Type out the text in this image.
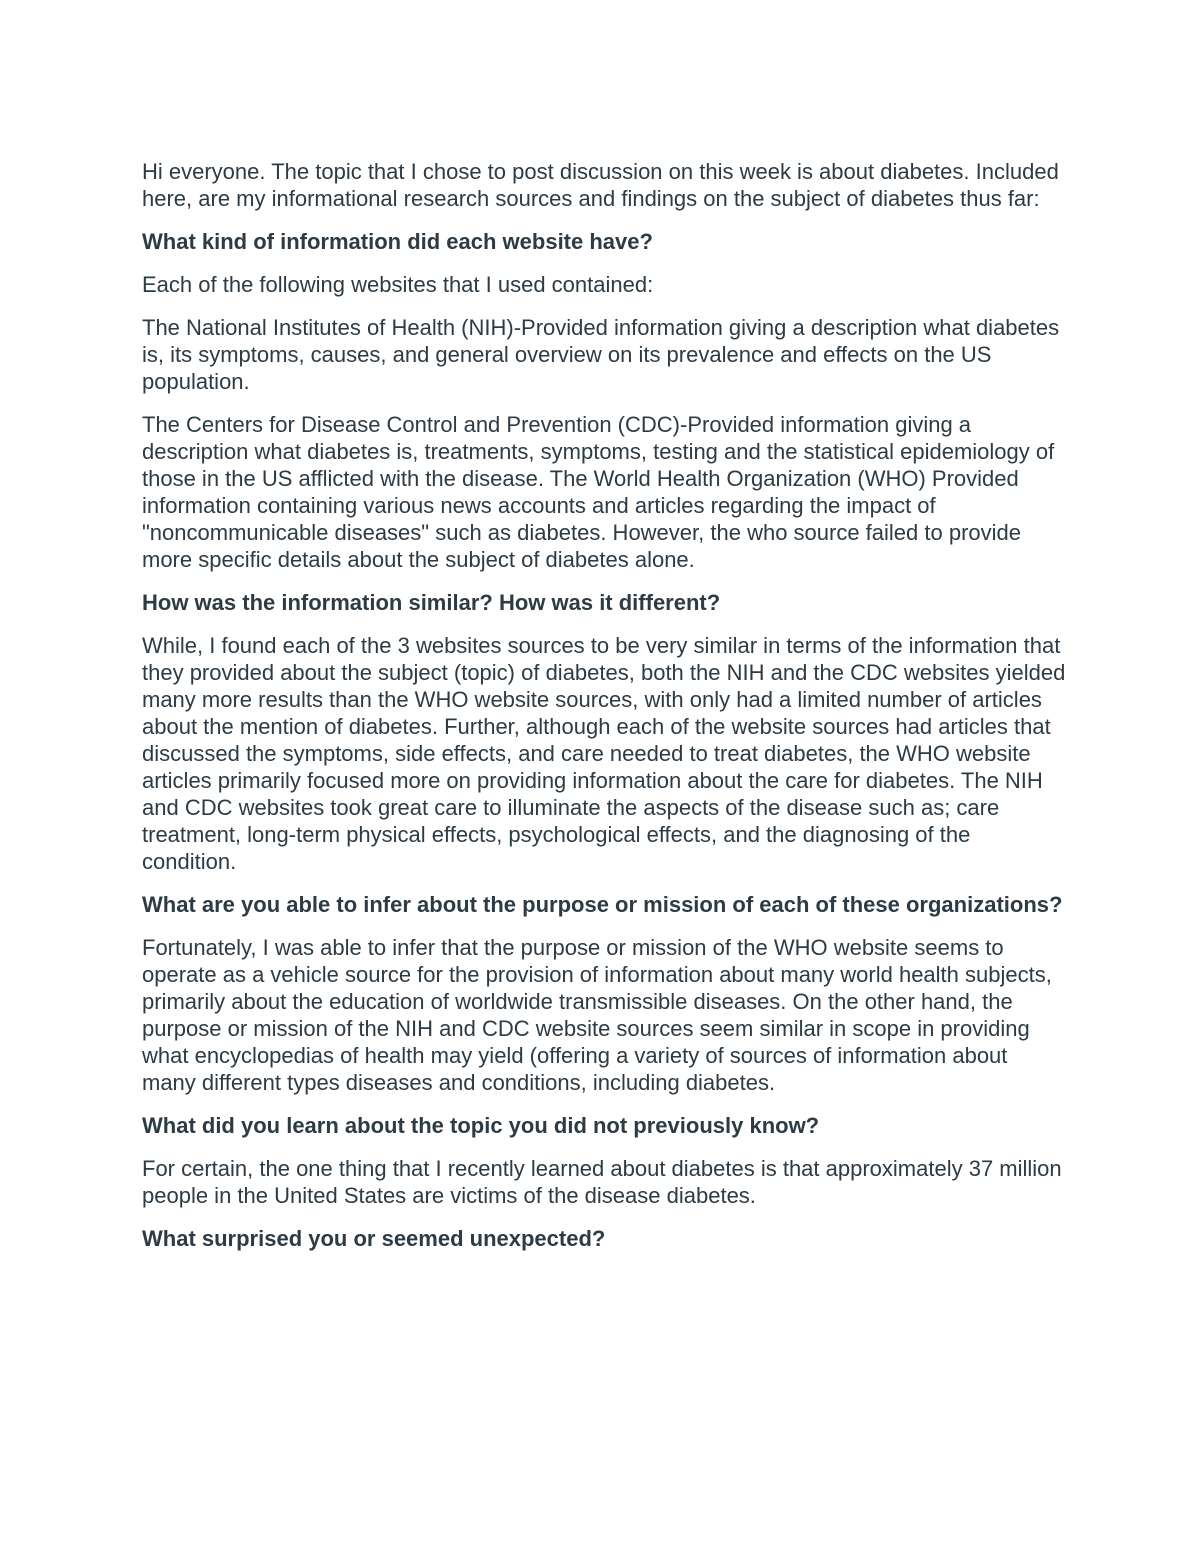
Hi everyone. The topic that I chose to post discussion on this week is about diabetes. Included here, are my informational research sources and findings on the subject of diabetes thus far:

What kind of information did each website have?

Each of the following websites that I used contained:

The National Institutes of Health (NIH)-Provided information giving a description what diabetes is, its symptoms, causes, and general overview on its prevalence and effects on the US population.

The Centers for Disease Control and Prevention (CDC)-Provided information giving a description what diabetes is, treatments, symptoms, testing and the statistical epidemiology of those in the US afflicted with the disease. The World Health Organization (WHO) Provided information containing various news accounts and articles regarding the impact of "noncommunicable diseases" such as diabetes. However, the who source failed to provide more specific details about the subject of diabetes alone.

How was the information similar? How was it different?

While, I found each of the 3 websites sources to be very similar in terms of the information that they provided about the subject (topic) of diabetes, both the NIH and the CDC websites yielded many more results than the WHO website sources, with only had a limited number of articles about the mention of diabetes. Further, although each of the website sources had articles that discussed the symptoms, side effects, and care needed to treat diabetes, the WHO website articles primarily focused more on providing information about the care for diabetes. The NIH and CDC websites took great care to illuminate the aspects of the disease such as; care treatment, long-term physical effects, psychological effects, and the diagnosing of the condition.

What are you able to infer about the purpose or mission of each of these organizations?

Fortunately, I was able to infer that the purpose or mission of the WHO website seems to operate as a vehicle source for the provision of information about many world health subjects, primarily about the education of worldwide transmissible diseases. On the other hand, the purpose or mission of the NIH and CDC website sources seem similar in scope in providing what encyclopedias of health may yield (offering a variety of sources of information about many different types diseases and conditions, including diabetes.

What did you learn about the topic you did not previously know?

For certain, the one thing that I recently learned about diabetes is that approximately 37 million people in the United States are victims of the disease diabetes.

What surprised you or seemed unexpected?
